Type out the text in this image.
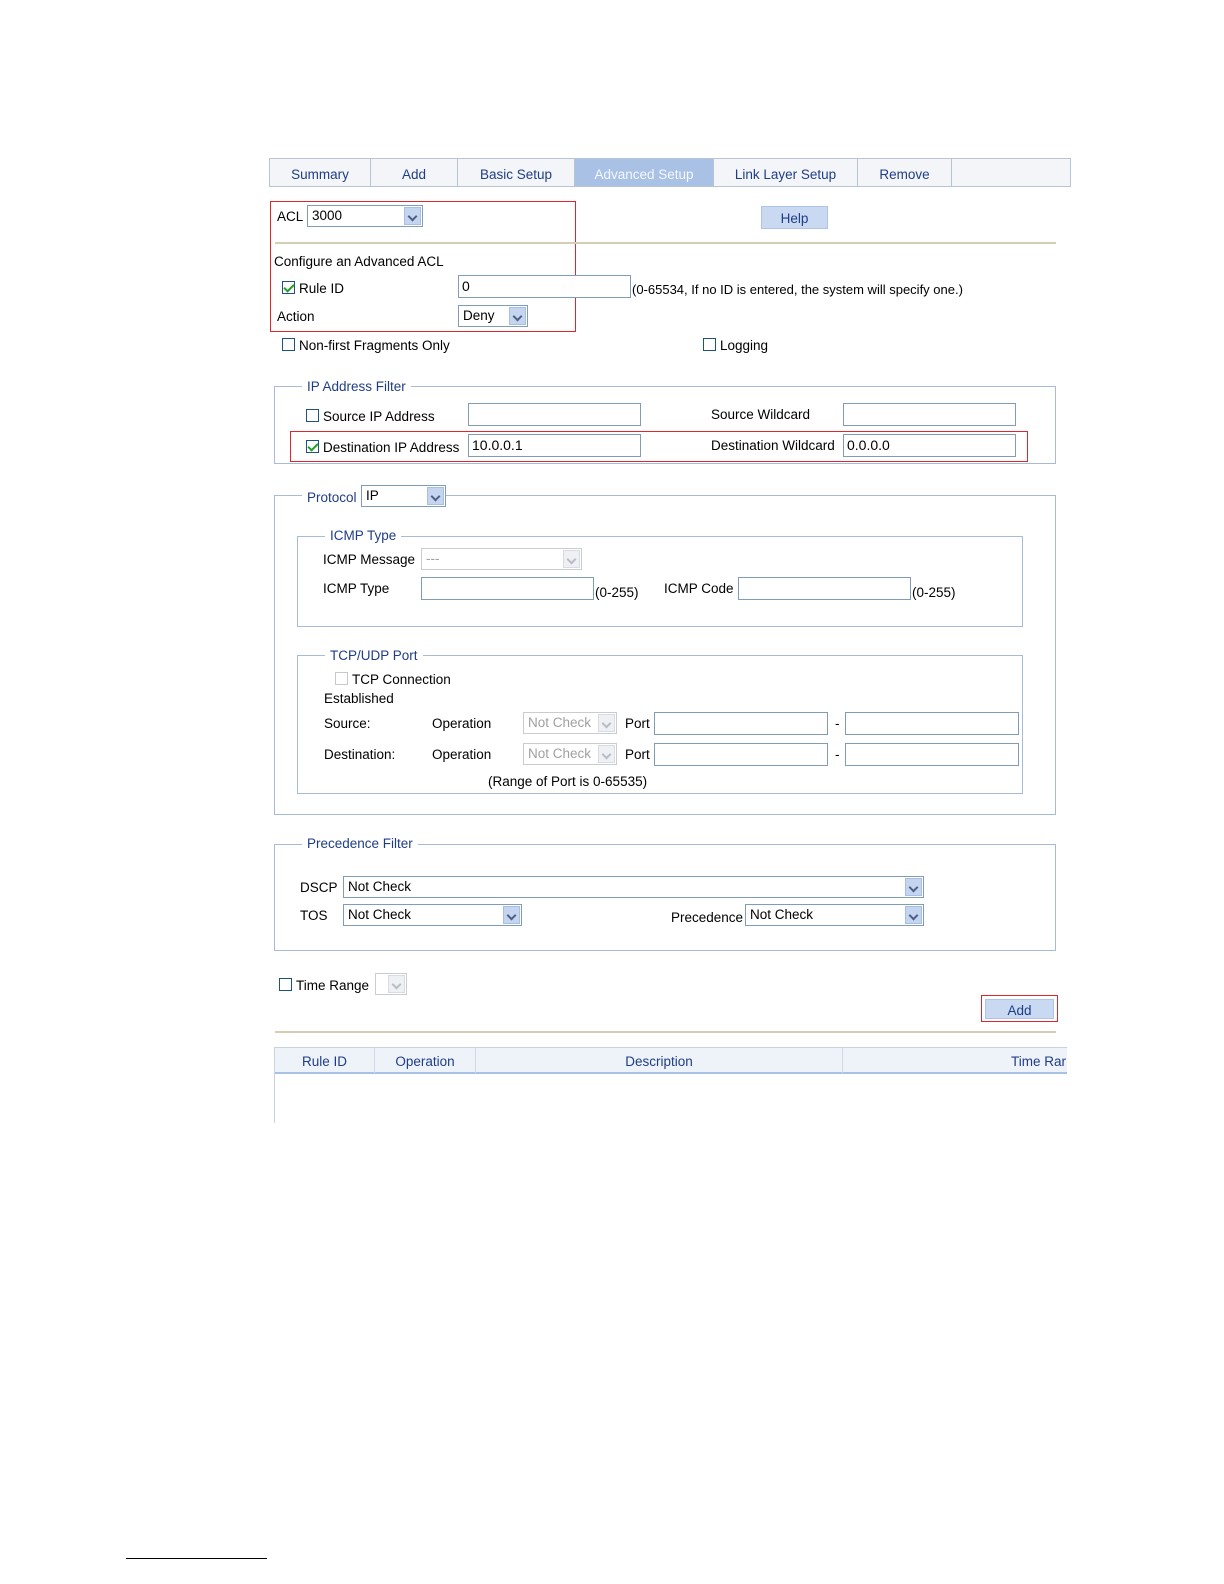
Summary	Add	Basic Setup	Advanced Setup	Link Layer Setup	Remove
ACL 3000	Help
Configure an Advanced ACL
Rule ID	0	(0-65534, If no ID is entered, the system will specify one.)
Action	Deny
Non-first Fragments Only	Logging
IP Address Filter
Source IP Address	Source Wildcard
Destination IP Address 10.0.0.1	Destination Wildcard 0.0.0.0
Protocol IP
ICMP Type
ICMP Message ---
ICMP Type	(0-255) ICMP Code	(0-255)
TCP/UDP Port
TCP Connection
Established
Source:	Operation	Not Check	Port	-
Destination:	Operation	Not Check	Port	-
(Range of Port is 0-65535)
Precedence Filter
DSCP Not Check
TOS	Not Check	Precedence Not Check
Time Range
Add
Rule ID	Operation	Description	Time Rar
